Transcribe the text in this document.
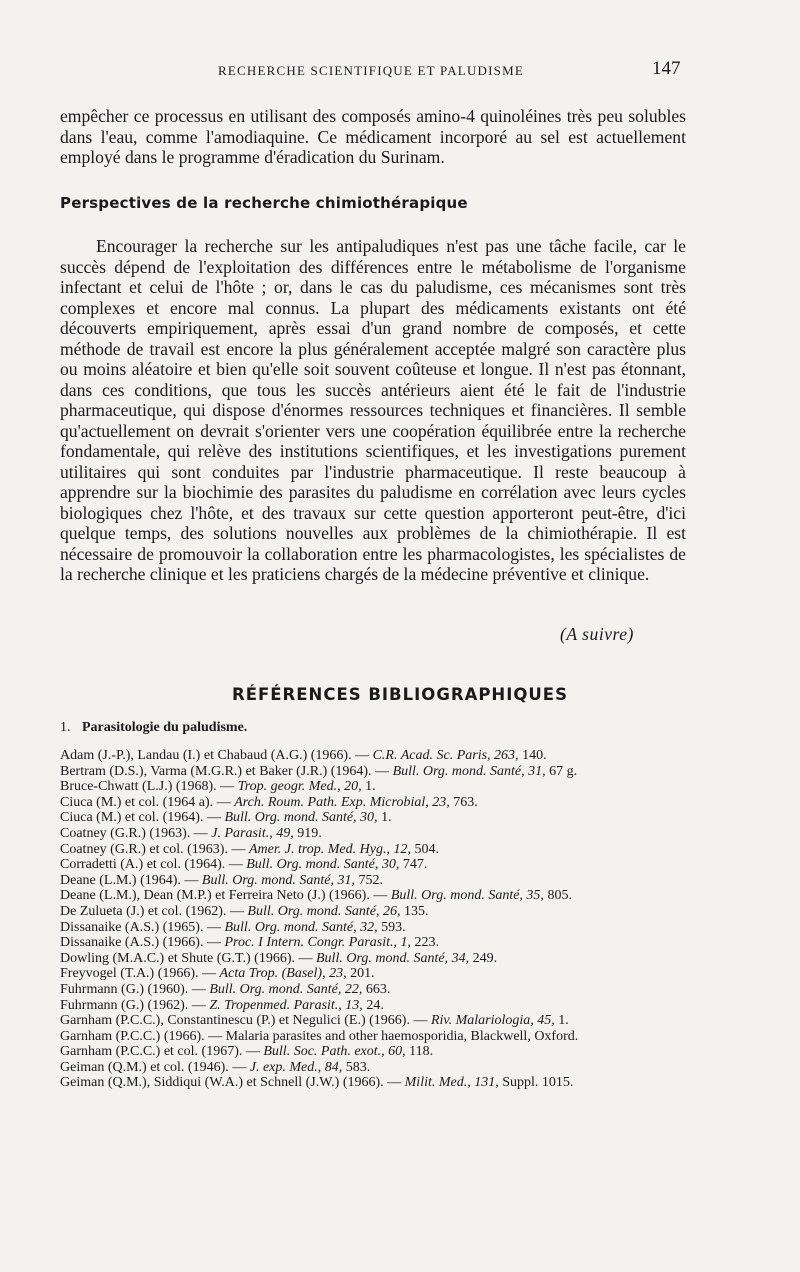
RECHERCHE SCIENTIFIQUE ET PALUDISME	147

empêcher ce processus en utilisant des composés amino-4 quinoléines très peu solubles dans l'eau, comme l'amodiaquine. Ce médicament incorporé au sel est actuellement employé dans le programme d'éradication du Surinam.

Perspectives de la recherche chimiothérapique

Encourager la recherche sur les antipaludiques n'est pas une tâche facile, car le succès dépend de l'exploitation des différences entre le métabolisme de l'organisme infectant et celui de l'hôte ; or, dans le cas du paludisme, ces mécanismes sont très complexes et encore mal connus. La plupart des médicaments existants ont été découverts empiriquement, après essai d'un grand nombre de composés, et cette méthode de travail est encore la plus généralement acceptée malgré son caractère plus ou moins aléatoire et bien qu'elle soit souvent coûteuse et longue. Il n'est pas étonnant, dans ces conditions, que tous les succès antérieurs aient été le fait de l'industrie pharmaceutique, qui dispose d'énormes ressources techniques et financières. Il semble qu'actuellement on devrait s'orienter vers une coopération équilibrée entre la recherche fondamentale, qui relève des institutions scientifiques, et les investigations purement utilitaires qui sont conduites par l'industrie pharmaceutique. Il reste beaucoup à apprendre sur la biochimie des parasites du paludisme en corrélation avec leurs cycles biologiques chez l'hôte, et des travaux sur cette question apporteront peut-être, d'ici quelque temps, des solutions nouvelles aux problèmes de la chimiothérapie. Il est nécessaire de promouvoir la collaboration entre les pharmacologistes, les spécialistes de la recherche clinique et les praticiens chargés de la médecine préventive et clinique.

(A suivre)
RÉFÉRENCES BIBLIOGRAPHIQUES
1. Parasitologie du paludisme.
Adam (J.-P.), Landau (I.) et Chabaud (A.G.) (1966). — C.R. Acad. Sc. Paris, 263, 140.
Bertram (D.S.), Varma (M.G.R.) et Baker (J.R.) (1964). — Bull. Org. mond. Santé, 31, 67 g.
Bruce-Chwatt (L.J.) (1968). — Trop. geogr. Med., 20, 1.
Ciuca (M.) et col. (1964 a). — Arch. Roum. Path. Exp. Microbial, 23, 763.
Ciuca (M.) et col. (1964). — Bull. Org. mond. Santé, 30, 1.
Coatney (G.R.) (1963). — J. Parasit., 49, 919.
Coatney (G.R.) et col. (1963). — Amer. J. trop. Med. Hyg., 12, 504.
Corradetti (A.) et col. (1964). — Bull. Org. mond. Santé, 30, 747.
Deane (L.M.) (1964). — Bull. Org. mond. Santé, 31, 752.
Deane (L.M.), Dean (M.P.) et Ferreira Neto (J.) (1966). — Bull. Org. mond. Santé, 35, 805.
De Zulueta (J.) et col. (1962). — Bull. Org. mond. Santé, 26, 135.
Dissanaike (A.S.) (1965). — Bull. Org. mond. Santé, 32, 593.
Dissanaike (A.S.) (1966). — Proc. I Intern. Congr. Parasit., 1, 223.
Dowling (M.A.C.) et Shute (G.T.) (1966). — Bull. Org. mond. Santé, 34, 249.
Freyvogel (T.A.) (1966). — Acta Trop. (Basel), 23, 201.
Fuhrmann (G.) (1960). — Bull. Org. mond. Santé, 22, 663.
Fuhrmann (G.) (1962). — Z. Tropenmed. Parasit., 13, 24.
Garnham (P.C.C.), Constantinescu (P.) et Negulici (E.) (1966). — Riv. Malariologia, 45, 1.
Garnham (P.C.C.) (1966). — Malaria parasites and other haemosporidia, Blackwell, Oxford.
Garnham (P.C.C.) et col. (1967). — Bull. Soc. Path. exot., 60, 118.
Geiman (Q.M.) et col. (1946). — J. exp. Med., 84, 583.
Geiman (Q.M.), Siddiqui (W.A.) et Schnell (J.W.) (1966). — Milit. Med., 131, Suppl. 1015.
